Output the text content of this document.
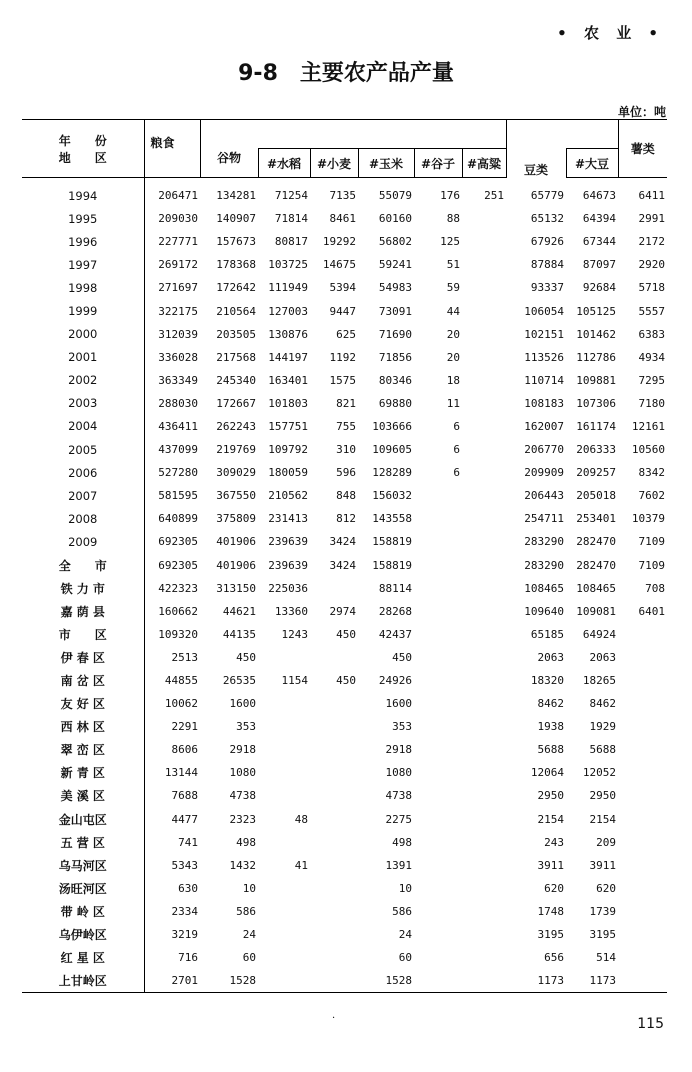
• 农 业 •
9-8　主要农产品产量
单位：吨
年　　份
地　　区	粮食							豆类		薯类
		谷物	#水稻	#小麦	#玉米	#谷子	#高粱		#大豆	
1994	206471	134281	71254	7135	55079	176	251	65779	64673	6411
1995	209030	140907	71814	8461	60160	88		65132	64394	2991
1996	227771	157673	80817	19292	56802	125		67926	67344	2172
1997	269172	178368	103725	14675	59241	51		87884	87097	2920
1998	271697	172642	111949	5394	54983	59		93337	92684	5718
1999	322175	210564	127003	9447	73091	44		106054	105125	5557
2000	312039	203505	130876	625	71690	20		102151	101462	6383
2001	336028	217568	144197	1192	71856	20		113526	112786	4934
2002	363349	245340	163401	1575	80346	18		110714	109881	7295
2003	288030	172667	101803	821	69880	11		108183	107306	7180
2004	436411	262243	157751	755	103666	6		162007	161174	12161
2005	437099	219769	109792	310	109605	6		206770	206333	10560
2006	527280	309029	180059	596	128289	6		209909	209257	8342
2007	581595	367550	210562	848	156032			206443	205018	7602
2008	640899	375809	231413	812	143558			254711	253401	10379
2009	692305	401906	239639	3424	158819			283290	282470	7109
全　　市	692305	401906	239639	3424	158819			283290	282470	7109
铁 力 市	422323	313150	225036		88114			108465	108465	708
嘉 荫 县	160662	44621	13360	2974	28268			109640	109081	6401
市　　区	109320	44135	1243	450	42437			65185	64924	
伊 春 区	2513	450			450			2063	2063	
南 岔 区	44855	26535	1154	450	24926			18320	18265	
友 好 区	10062	1600			1600			8462	8462	
西 林 区	2291	353			353			1938	1929	
翠 峦 区	8606	2918			2918			5688	5688	
新 青 区	13144	1080			1080			12064	12052	
美 溪 区	7688	4738			4738			2950	2950	
金山屯区	4477	2323	48		2275			2154	2154	
五 营 区	741	498			498			243	209	
乌马河区	5343	1432	41		1391			3911	3911	
汤旺河区	630	10			10			620	620	
带 岭 区	2334	586			586			1748	1739	
乌伊岭区	3219	24			24			3195	3195	
红 星 区	716	60			60			656	514	
上甘岭区	2701	1528			1528			1173	1173	
·	115
